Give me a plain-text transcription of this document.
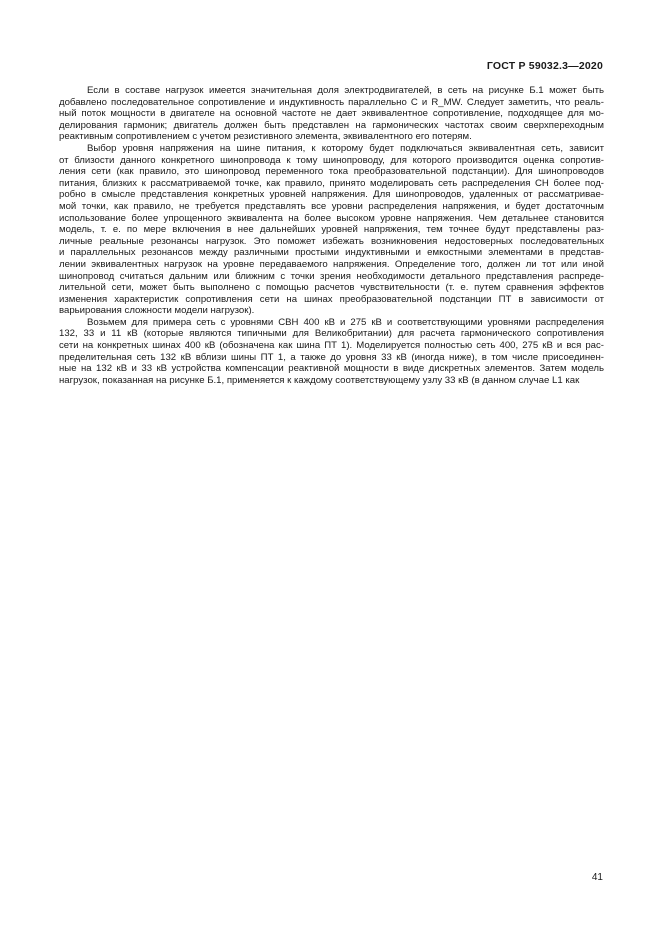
ГОСТ Р 59032.3—2020
Если в составе нагрузок имеется значительная доля электродвигателей, в сеть на рисунке Б.1 может быть
добавлено последовательное сопротивление и индуктивность параллельно C и R_MW. Следует заметить, что реаль-
ный поток мощности в двигателе на основной частоте не дает эквивалентное сопротивление, подходящее для мо-
делирования гармоник; двигатель должен быть представлен на гармонических частотах своим сверхпереходным
реактивным сопротивлением с учетом резистивного элемента, эквивалентного его потерям.
Выбор уровня напряжения на шине питания, к которому будет подключаться эквивалентная сеть, зависит
от близости данного конкретного шинопровода к тому шинопроводу, для которого производится оценка сопротив-
ления сети (как правило, это шинопровод переменного тока преобразовательной подстанции). Для шинопроводов
питания, близких к рассматриваемой точке, как правило, принято моделировать сеть распределения СН более под-
робно в смысле представления конкретных уровней напряжения. Для шинопроводов, удаленных от рассматривае-
мой точки, как правило, не требуется представлять все уровни распределения напряжения, и будет достаточным
использование более упрощенного эквивалента на более высоком уровне напряжения. Чем детальнее становится
модель, т. е. по мере включения в нее дальнейших уровней напряжения, тем точнее будут представлены раз-
личные реальные резонансы нагрузок. Это поможет избежать возникновения недостоверных последовательных
и параллельных резонансов между различными простыми индуктивными и емкостными элементами в представ-
лении эквивалентных нагрузок на уровне передаваемого напряжения. Определение того, должен ли тот или иной
шинопровод считаться дальним или ближним с точки зрения необходимости детального представления распреде-
лительной сети, может быть выполнено с помощью расчетов чувствительности (т. е. путем сравнения эффектов
изменения характеристик сопротивления сети на шинах преобразовательной подстанции ПТ в зависимости от
варьирования сложности модели нагрузок).
Возьмем для примера сеть с уровнями СВН 400 кВ и 275 кВ и соответствующими уровнями распределения
132, 33 и 11 кВ (которые являются типичными для Великобритании) для расчета гармонического сопротивления
сети на конкретных шинах 400 кВ (обозначена как шина ПТ 1). Моделируется полностью сеть 400, 275 кВ и вся рас-
пределительная сеть 132 кВ вблизи шины ПТ 1, а также до уровня 33 кВ (иногда ниже), в том числе присоединен-
ные на 132 кВ и 33 кВ устройства компенсации реактивной мощности в виде дискретных элементов. Затем модель
нагрузок, показанная на рисунке Б.1, применяется к каждому соответствующему узлу 33 кВ (в данном случае L1 как
41
